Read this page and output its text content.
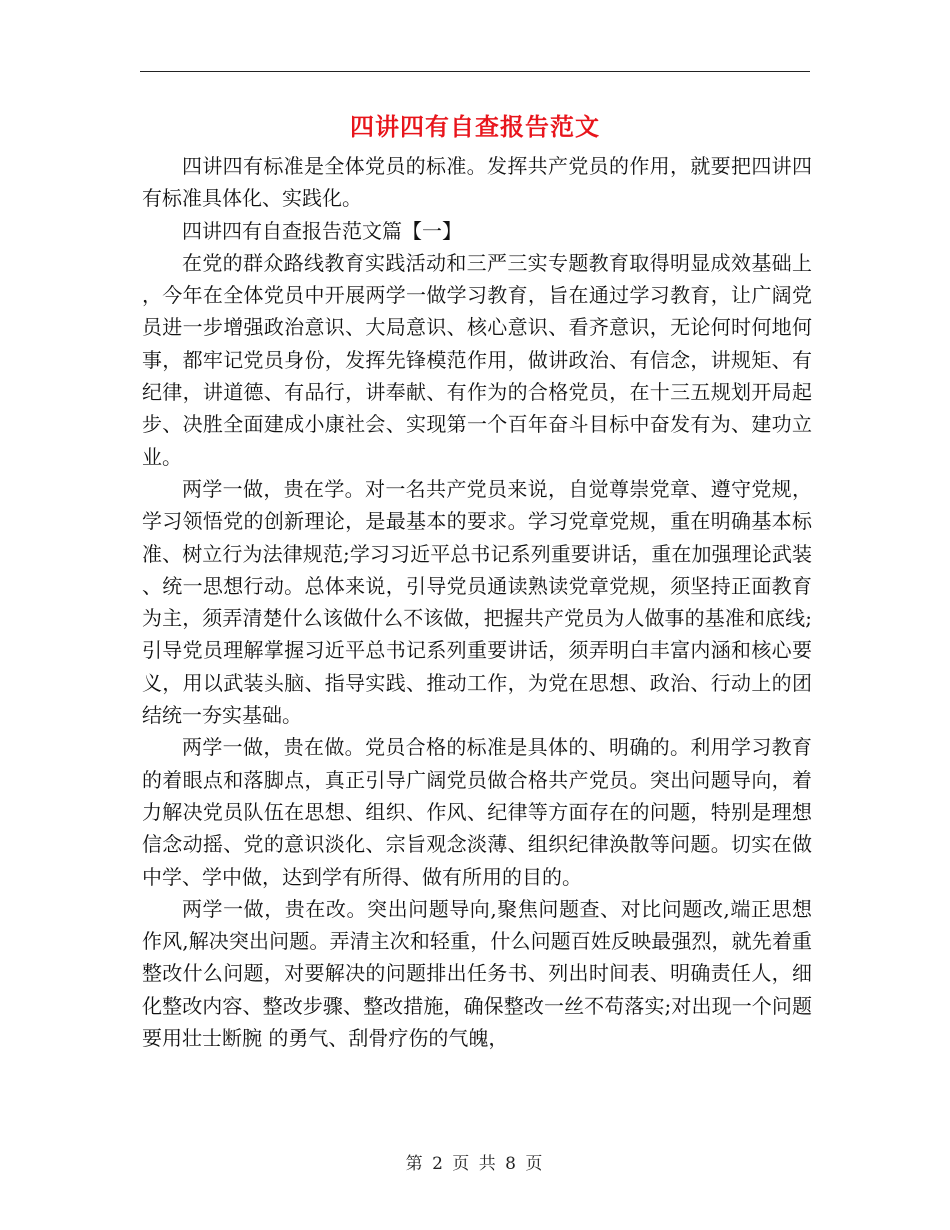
四讲四有自查报告范文

四讲四有标准是全体党员的标准。发挥共产党员的作用，就要把四讲四有标准具体化、实践化。

四讲四有自查报告范文篇【一】

在党的群众路线教育实践活动和三严三实专题教育取得明显成效基础上，今年在全体党员中开展两学一做学习教育，旨在通过学习教育，让广阔党员进一步增强政治意识、大局意识、核心意识、看齐意识，无论何时何地何事，都牢记党员身份，发挥先锋模范作用，做讲政治、有信念，讲规矩、有纪律，讲道德、有品行，讲奉献、有作为的合格党员，在十三五规划开局起步、决胜全面建成小康社会、实现第一个百年奋斗目标中奋发有为、建功立业。

两学一做，贵在学。对一名共产党员来说，自觉尊崇党章、遵守党规，学习领悟党的创新理论，是最基本的要求。学习党章党规，重在明确基本标准、树立行为法律规范;学习习近平总书记系列重要讲话，重在加强理论武装、统一思想行动。总体来说，引导党员通读熟读党章党规，须坚持正面教育为主，须弄清楚什么该做什么不该做，把握共产党员为人做事的基准和底线;引导党员理解掌握习近平总书记系列重要讲话，须弄明白丰富内涵和核心要义，用以武装头脑、指导实践、推动工作，为党在思想、政治、行动上的团结统一夯实基础。

两学一做，贵在做。党员合格的标准是具体的、明确的。利用学习教育的着眼点和落脚点，真正引导广阔党员做合格共产党员。突出问题导向，着力解决党员队伍在思想、组织、作风、纪律等方面存在的问题，特别是理想信念动摇、党的意识淡化、宗旨观念淡薄、组织纪律涣散等问题。切实在做中学、学中做，达到学有所得、做有所用的目的。

两学一做，贵在改。突出问题导向,聚焦问题查、对比问题改,端正思想作风,解决突出问题。弄清主次和轻重，什么问题百姓反映最强烈，就先着重整改什么问题，对要解决的问题排出任务书、列出时间表、明确责任人，细化整改内容、整改步骤、整改措施，确保整改一丝不苟落实;对出现一个问题要用壮士断腕 的勇气、刮骨疗伤的气魄，

第 2 页 共 8 页
